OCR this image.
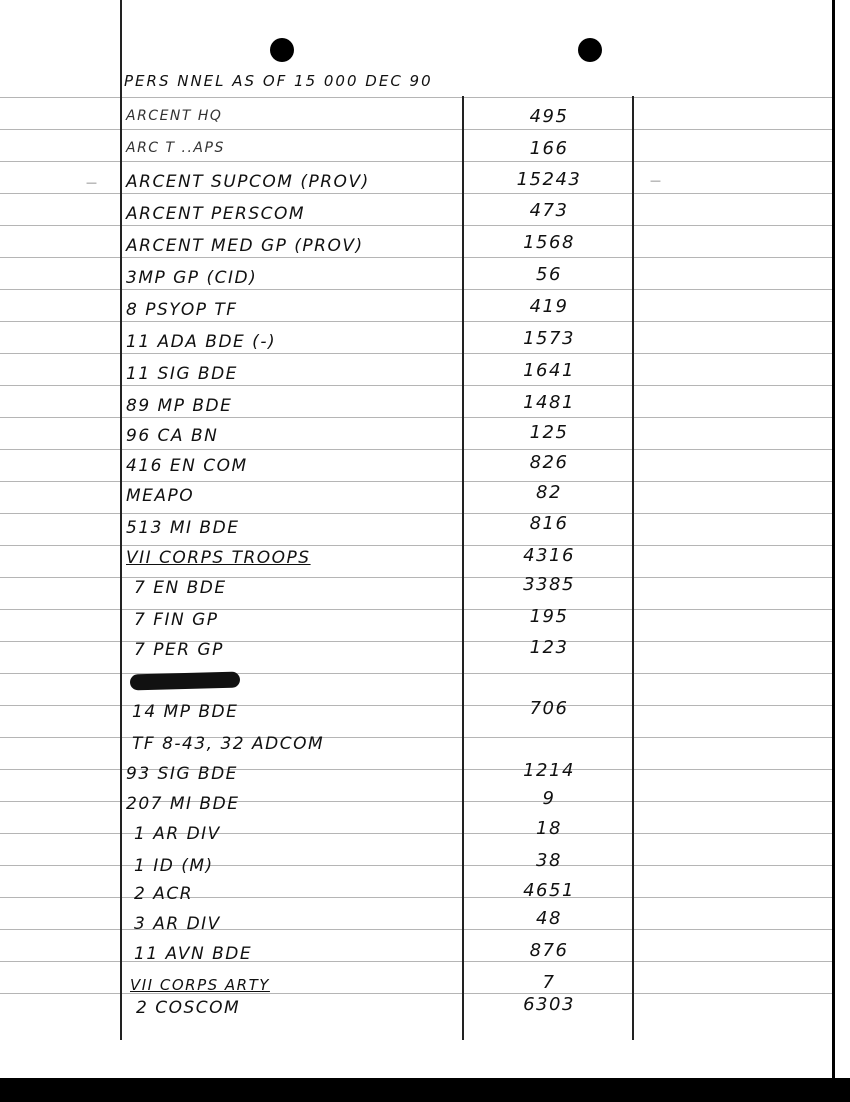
—	—
PERS NNEL AS OF 15 000 DEC 90
ARCENT HQ	495
ARC T ..APS	166
ARCENT SUPCOM (PROV)	15243
ARCENT PERSCOM	473
ARCENT MED GP (PROV)	1568
3MP GP (CID)	56
8 PSYOP TF	419
11 ADA BDE (-)	1573
11 SIG BDE	1641
89 MP BDE	1481
96 CA BN	125
416 EN COM	826
MEAPO	82
513 MI BDE	816
VII CORPS TROOPS	4316
7 EN BDE	3385
7 FIN GP	195
7 PER GP	123
14 MP BDE	706
TF 8-43, 32 ADCOM
93 SIG BDE	1214
207 MI BDE	9
1 AR DIV	18
1 ID (M)	38
2 ACR	4651
3 AR DIV	48
11 AVN BDE	876
VII CORPS ARTY	7
2 COSCOM	6303
